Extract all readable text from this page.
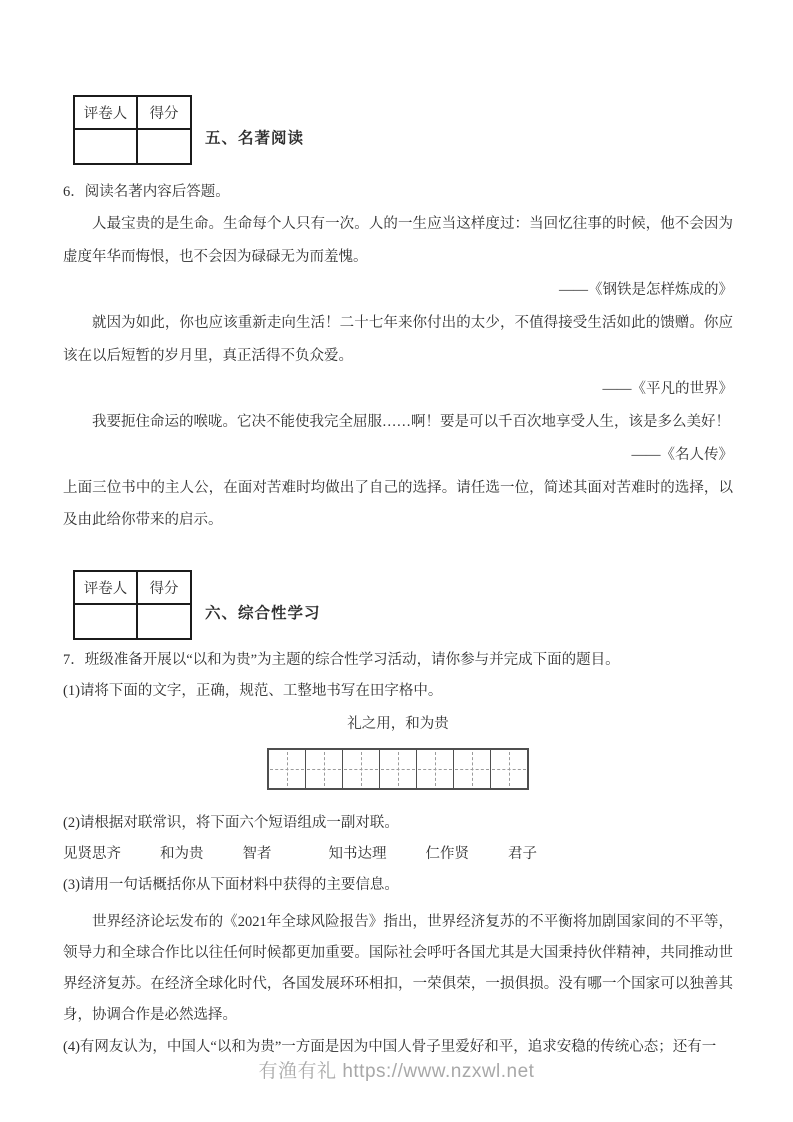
评卷人	得分

五、名著阅读

6．阅读名著内容后答题。

人最宝贵的是生命。生命每个人只有一次。人的一生应当这样度过：当回忆往事的时候，他不会因为虚度年华而悔恨，也不会因为碌碌无为而羞愧。

——《钢铁是怎样炼成的》

就因为如此，你也应该重新走向生活！二十七年来你付出的太少，不值得接受生活如此的馈赠。你应该在以后短暂的岁月里，真正活得不负众爱。

——《平凡的世界》

我要扼住命运的喉咙。它决不能使我完全屈服……啊！要是可以千百次地享受人生，该是多么美好！

——《名人传》

上面三位书中的主人公，在面对苦难时均做出了自己的选择。请任选一位，简述其面对苦难时的选择，以及由此给你带来的启示。

评卷人	得分

六、综合性学习

7．班级准备开展以“以和为贵”为主题的综合性学习活动，请你参与并完成下面的题目。

(1)请将下面的文字，正确，规范、工整地书写在田字格中。

礼之用，和为贵

(2)请根据对联常识，将下面六个短语组成一副对联。

见贤思齐	和为贵	智者	知书达理	仁作贤	君子

(3)请用一句话概括你从下面材料中获得的主要信息。

世界经济论坛发布的《2021年全球风险报告》指出，世界经济复苏的不平衡将加剧国家间的不平等，领导力和全球合作比以往任何时候都更加重要。国际社会呼吁各国尤其是大国秉持伙伴精神，共同推动世界经济复苏。在经济全球化时代，各国发展环环相扣，一荣俱荣，一损俱损。没有哪一个国家可以独善其身，协调合作是必然选择。

(4)有网友认为，中国人“以和为贵”一方面是因为中国人骨子里爱好和平，追求安稳的传统心态；还有一

有渔有礼 https://www.nzxwl.net
